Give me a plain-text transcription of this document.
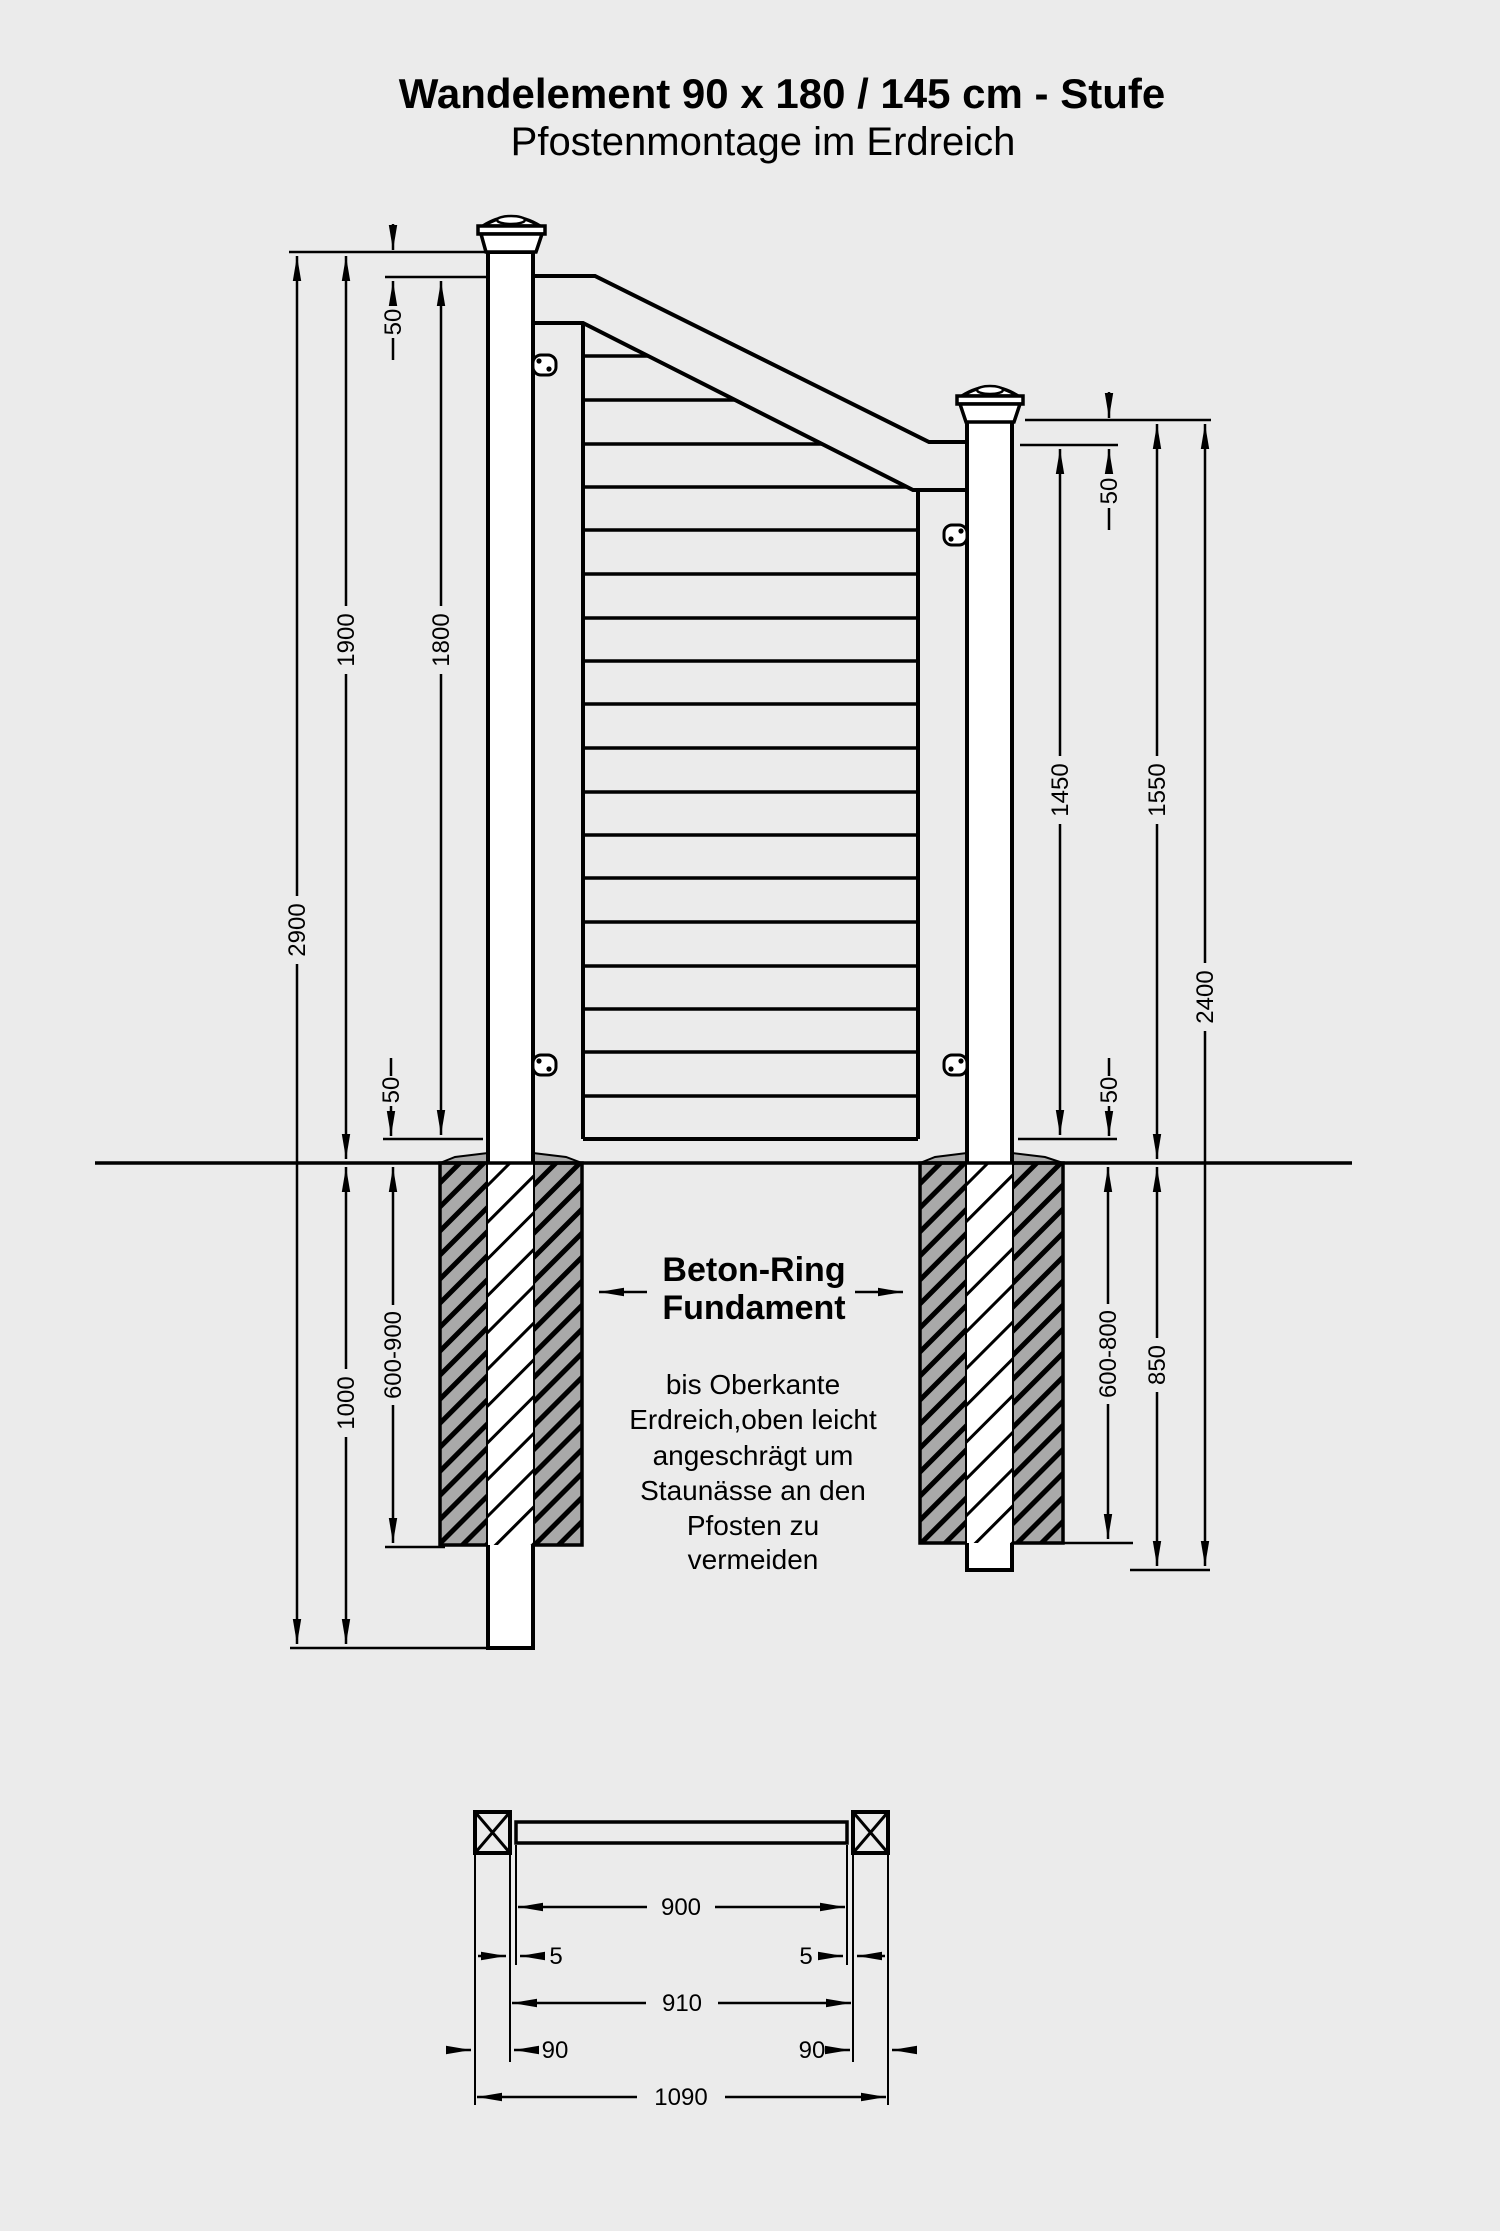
Wandelement 90 x 180 / 145 cm - Stufe
Pfostenmontage im Erdreich
2900
1900	1800
50
50
1000
600-900
1450	1550
2400
50
50
850
600-800
Beton-Ring
Fundament
bis Oberkante
Erdreich,oben leicht
angeschrägt um
Staunässe an den
Pfosten zu
vermeiden
900
5	5
910
90	90
1090
